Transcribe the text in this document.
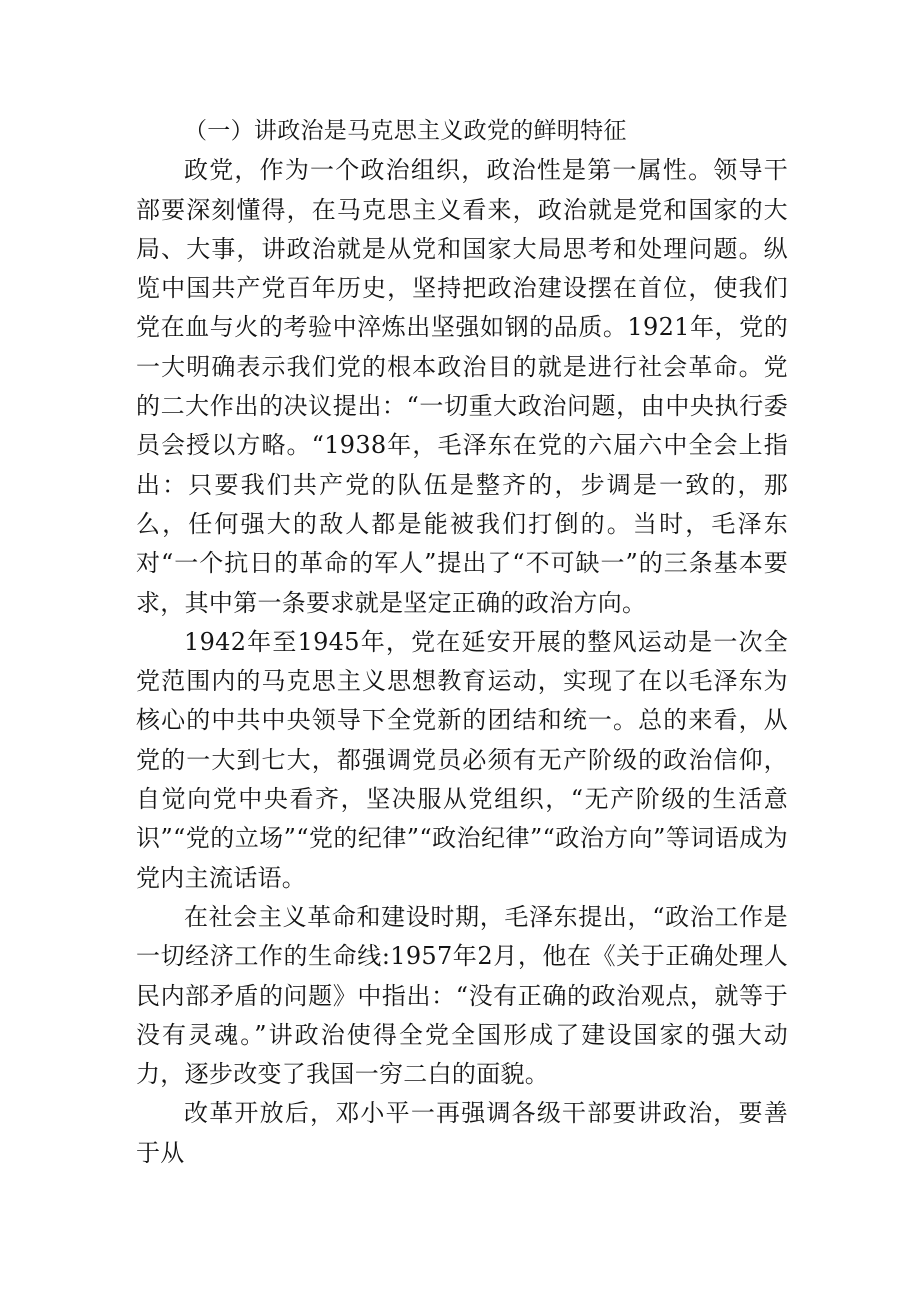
（一）讲政治是马克思主义政党的鲜明特征

政党，作为一个政治组织，政治性是第一属性。领导干部要深刻懂得，在马克思主义看来，政治就是党和国家的大局、大事，讲政治就是从党和国家大局思考和处理问题。纵览中国共产党百年历史，坚持把政治建设摆在首位，使我们党在血与火的考验中淬炼出坚强如钢的品质。1921年，党的一大明确表示我们党的根本政治目的就是进行社会革命。党的二大作出的决议提出：“一切重大政治问题，由中央执行委员会授以方略。“1938年，毛泽东在党的六届六中全会上指出：只要我们共产党的队伍是整齐的，步调是一致的，那么，任何强大的敌人都是能被我们打倒的。当时，毛泽东对“一个抗日的革命的军人”提出了“不可缺一”的三条基本要求，其中第一条要求就是坚定正确的政治方向。

1942年至1945年，党在延安开展的整风运动是一次全党范围内的马克思主义思想教育运动，实现了在以毛泽东为核心的中共中央领导下全党新的团结和统一。总的来看，从党的一大到七大，都强调党员必须有无产阶级的政治信仰，自觉向党中央看齐，坚决服从党组织，“无产阶级的生活意识”“党的立场”“党的纪律”“政治纪律”“政治方向”等词语成为党内主流话语。

在社会主义革命和建设时期，毛泽东提出，“政治工作是一切经济工作的生命线:1957年2月，他在《关于正确处理人民内部矛盾的问题》中指出：“没有正确的政治观点，就等于没有灵魂。”讲政治使得全党全国形成了建设国家的强大动力，逐步改变了我国一穷二白的面貌。

改革开放后，邓小平一再强调各级干部要讲政治，要善于从
